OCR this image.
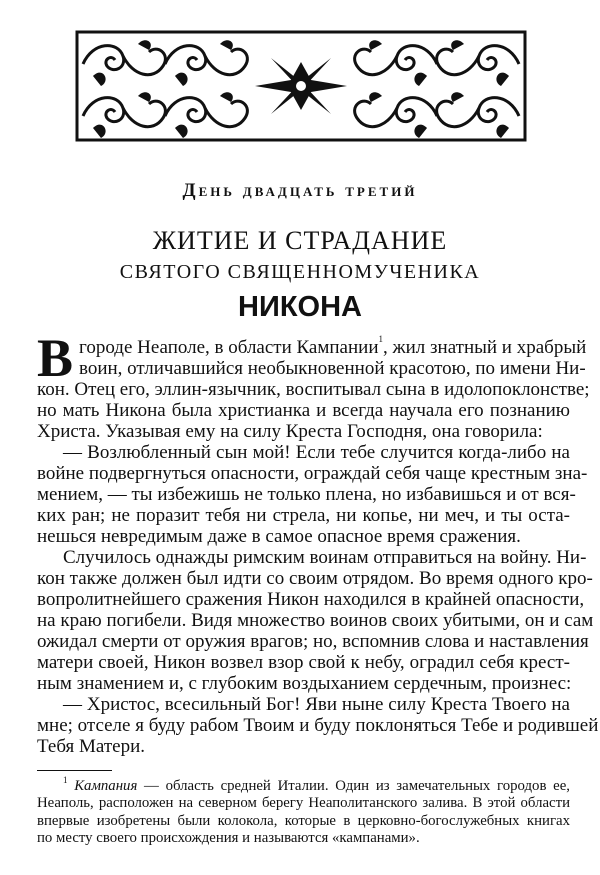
День двадцать третий
ЖИТИЕ И СТРАДАНИЕ
СВЯТОГО СВЯЩЕННОМУЧЕНИКА
НИКОНА
В городе Неаполе, в области Кампании$^1$, жил знатный и храбрый
воин, отличавшийся необыкновенной красотою, по имени Ни-
кон. Отец его, эллин-язычник, воспитывал сына в идолопоклонстве;
но мать Никона была христианка и всегда научала его познанию
Христа. Указывая ему на силу Креста Господня, она говорила:
— Возлюбленный сын мой! Если тебе случится когда-либо на
войне подвергнуться опасности, ограждай себя чаще крестным зна-
мением, — ты избежишь не только плена, но избавишься и от вся-
ких ран; не поразит тебя ни стрела, ни копье, ни меч, и ты оста-
нешься невредимым даже в самое опасное время сражения.
Случилось однажды римским воинам отправиться на войну. Ни-
кон также должен был идти со своим отрядом. Во время одного кро-
вопролитнейшего сражения Никон находился в крайней опасности,
на краю погибели. Видя множество воинов своих убитыми, он и сам
ожидал смерти от оружия врагов; но, вспомнив слова и наставления
матери своей, Никон возвел взор свой к небу, оградил себя крест-
ным знамением и, с глубоким воздыханием сердечным, произнес:
— Христос, всесильный Бог! Яви ныне силу Креста Твоего на
мне; отселе я буду рабом Твоим и буду поклоняться Тебе и родившей
Тебя Матери.
$^1$ Кампания — область средней Италии. Один из замечательных городов ее,
Неаполь, расположен на северном берегу Неаполитанского залива. В этой области
впервые изобретены были колокола, которые в церковно-богослужебных книгах
по месту своего происхождения и называются «кампанами».
